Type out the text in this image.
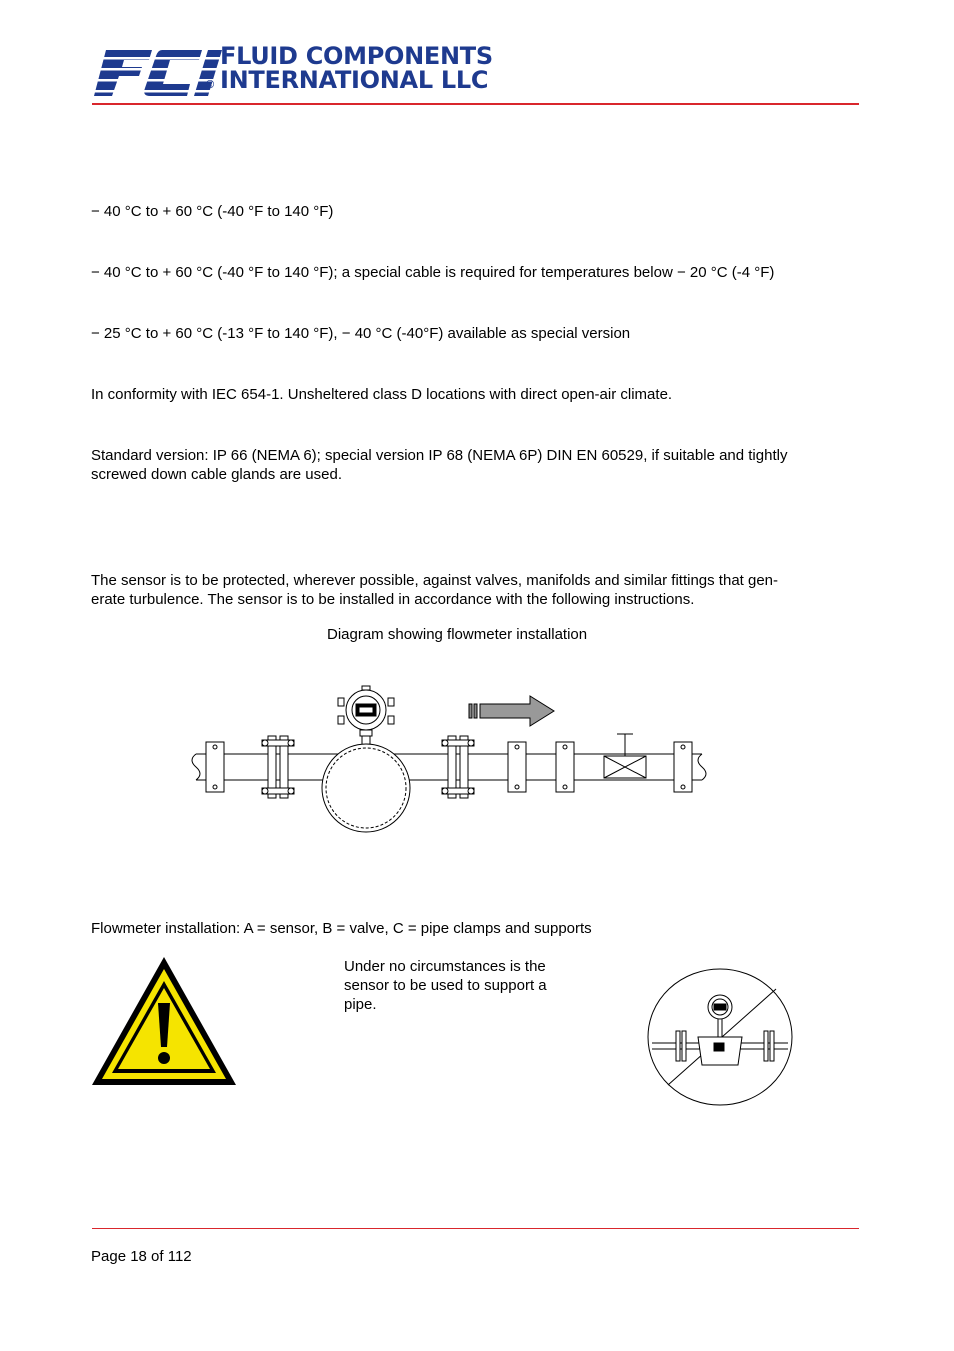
®
FLUID COMPONENTS
INTERNATIONAL LLC
− 40 °C to + 60 °C (-40 °F to 140 °F)
− 40 °C to + 60 °C (-40 °F to 140 °F); a special cable is required for temperatures below − 20 °C (-4 °F)
− 25 °C to + 60 °C (-13 °F to 140 °F), − 40 °C (-40°F) available as special version
In conformity with IEC 654-1. Unsheltered class D locations with direct open-air climate.
Standard version: IP 66 (NEMA 6); special version IP 68 (NEMA 6P) DIN EN 60529, if suitable and tightly
screwed down cable glands are used.
The sensor is to be protected, wherever possible, against valves, manifolds and similar fittings that gen-
erate turbulence. The sensor is to be installed in accordance with the following instructions.
Diagram showing flowmeter installation
Flowmeter installation: A = sensor, B = valve, C = pipe clamps and supports
Under no circumstances is the
sensor to be used to support a
pipe.
Page 18 of 112
